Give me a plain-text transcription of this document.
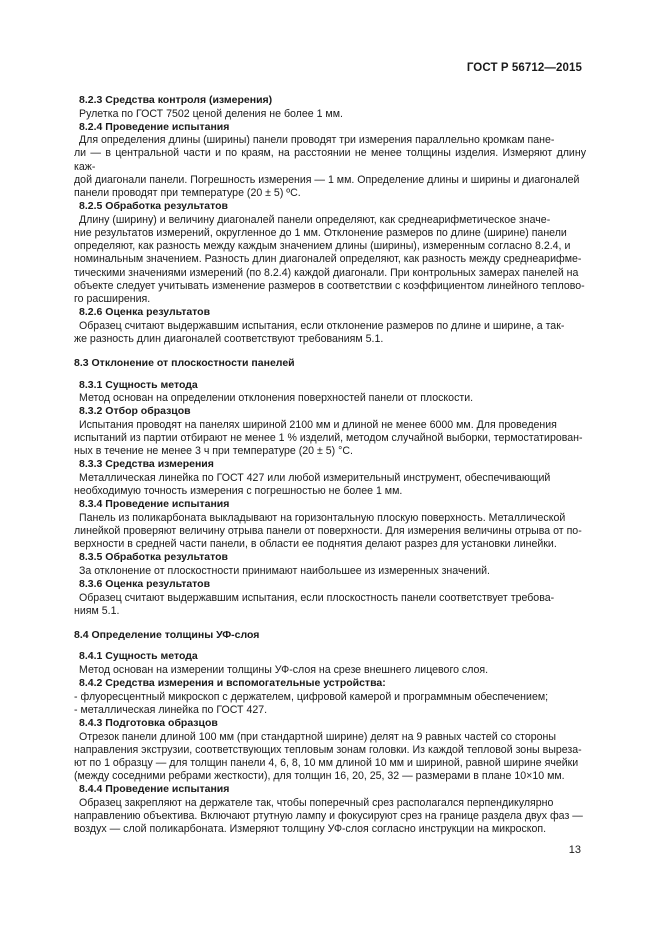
ГОСТ Р 56712—2015
8.2.3 Средства контроля (измерения)
Рулетка по ГОСТ 7502 ценой деления не более 1 мм.
8.2.4 Проведение испытания
Для определения длины (ширины) панели проводят три измерения параллельно кромкам пане-
ли — в центральной части и по краям, на расстоянии не менее толщины изделия. Измеряют длину каж-
дой диагонали панели. Погрешность измерения — 1 мм. Определение длины и ширины и диагоналей
панели проводят при температуре (20 ± 5) ºС.
8.2.5 Обработка результатов
Длину (ширину) и величину диагоналей панели определяют, как среднеарифметическое значе-
ние результатов измерений, округленное до 1 мм. Отклонение размеров по длине (ширине) панели
определяют, как разность между каждым значением длины (ширины), измеренным согласно 8.2.4, и
номинальным значением. Разность длин диагоналей определяют, как разность между среднеарифме-
тическими значениями измерений (по 8.2.4) каждой диагонали. При контрольных замерах панелей на
объекте следует учитывать изменение размеров в соответствии с коэффициентом линейного теплово-
го расширения.
8.2.6 Оценка результатов
Образец считают выдержавшим испытания, если отклонение размеров по длине и ширине, а так-
же разность длин диагоналей соответствуют требованиям 5.1.
8.3 Отклонение от плоскостности панелей
8.3.1 Сущность метода
Метод основан на определении отклонения поверхностей панели от плоскости.
8.3.2 Отбор образцов
Испытания проводят на панелях шириной 2100 мм и длиной не менее 6000 мм. Для проведения
испытаний из партии отбирают не менее 1 % изделий, методом случайной выборки, термостатирован-
ных в течение не менее 3 ч при температуре (20 ± 5) °С.
8.3.3 Средства измерения
Металлическая линейка по ГОСТ 427 или любой измерительный инструмент, обеспечивающий
необходимую точность измерения с погрешностью не более 1 мм.
8.3.4 Проведение испытания
Панель из поликарбоната выкладывают на горизонтальную плоскую поверхность. Металлической
линейкой проверяют величину отрыва панели от поверхности. Для измерения величины отрыва от по-
верхности в средней части панели, в области ее поднятия делают разрез для установки линейки.
8.3.5 Обработка результатов
За отклонение от плоскостности принимают наибольшее из измеренных значений.
8.3.6 Оценка результатов
Образец считают выдержавшим испытания, если плоскостность панели соответствует требова-
ниям 5.1.
8.4 Определение толщины УФ-слоя
8.4.1 Сущность метода
Метод основан на измерении толщины УФ-слоя на срезе внешнего лицевого слоя.
8.4.2 Средства измерения и вспомогательные устройства:
- флуоресцентный микроскоп с держателем, цифровой камерой и программным обеспечением;
- металлическая линейка по ГОСТ 427.
8.4.3 Подготовка образцов
Отрезок панели длиной 100 мм (при стандартной ширине) делят на 9 равных частей со стороны
направления экструзии, соответствующих тепловым зонам головки. Из каждой тепловой зоны выреза-
ют по 1 образцу — для толщин панели 4, 6, 8, 10 мм длиной 10 мм и шириной, равной ширине ячейки
(между соседними ребрами жесткости), для толщин 16, 20, 25, 32 — размерами в плане 10×10 мм.
8.4.4 Проведение испытания
Образец закрепляют на держателе так, чтобы поперечный срез располагался перпендикулярно
направлению объектива. Включают ртутную лампу и фокусируют срез на границе раздела двух фаз —
воздух — слой поликарбоната. Измеряют толщину УФ-слоя согласно инструкции на микроскоп.
13
